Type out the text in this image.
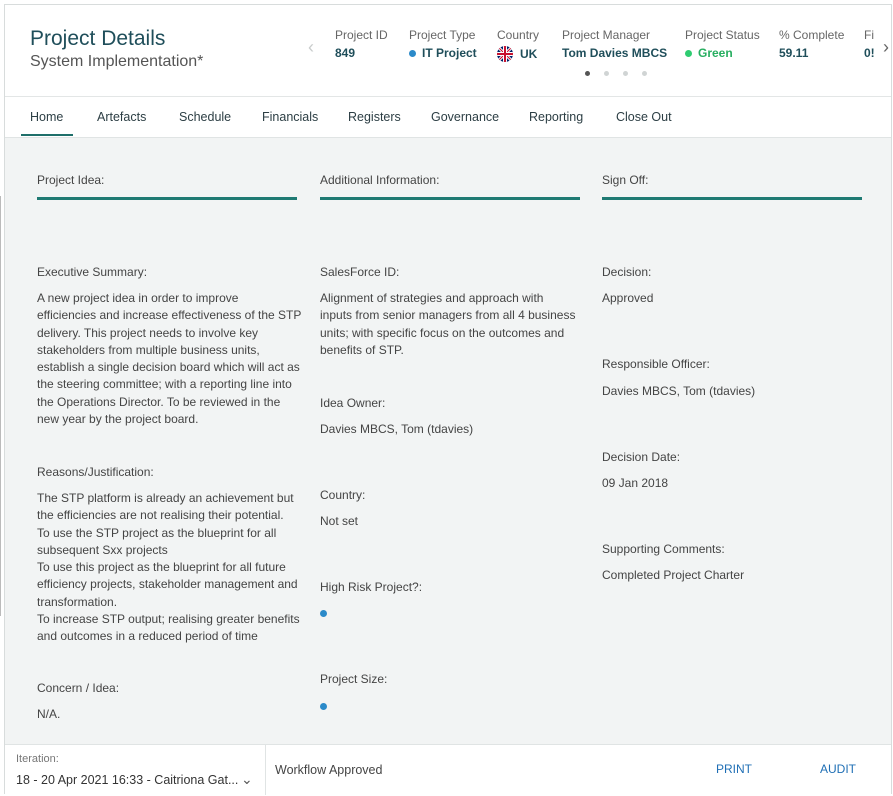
Project Details
System Implementation*
‹
Project ID
849
Project Type
IT Project
Country
UK
Project Manager
Tom Davies MBCS
Project Status
Green
% Complete
59.11
Fi
0! ›
Home	Artefacts	Schedule Financials Registers Governance Reporting	Close Out
Project Idea:
Executive Summary:
A new project idea in order to improve
efficiencies and increase effectiveness of the STP
delivery. This project needs to involve key
stakeholders from multiple business units,
establish a single decision board which will act as
the steering committee; with a reporting line into
the Operations Director. To be reviewed in the
new year by the project board.
Reasons/Justification:
The STP platform is already an achievement but
the efficiencies are not realising their potential.
To use the STP project as the blueprint for all
subsequent Sxx projects
To use this project as the blueprint for all future
efficiency projects, stakeholder management and
transformation.
To increase STP output; realising greater benefits
and outcomes in a reduced period of time
Concern / Idea:
N/A.
Additional Information:
SalesForce ID:
Alignment of strategies and approach with
inputs from senior managers from all 4 business
units; with specific focus on the outcomes and
benefits of STP.
Idea Owner:
Davies MBCS, Tom (tdavies)
Country:
Not set
High Risk Project?:
Project Size:
Sign Off:
Decision:
Approved
Responsible Officer:
Davies MBCS, Tom (tdavies)
Decision Date:
09 Jan 2018
Supporting Comments:
Completed Project Charter
Iteration:
18 - 20 Apr 2021 16:33 - Caitriona Gat... ⌄
Workflow Approved	PRINT	AUDIT
